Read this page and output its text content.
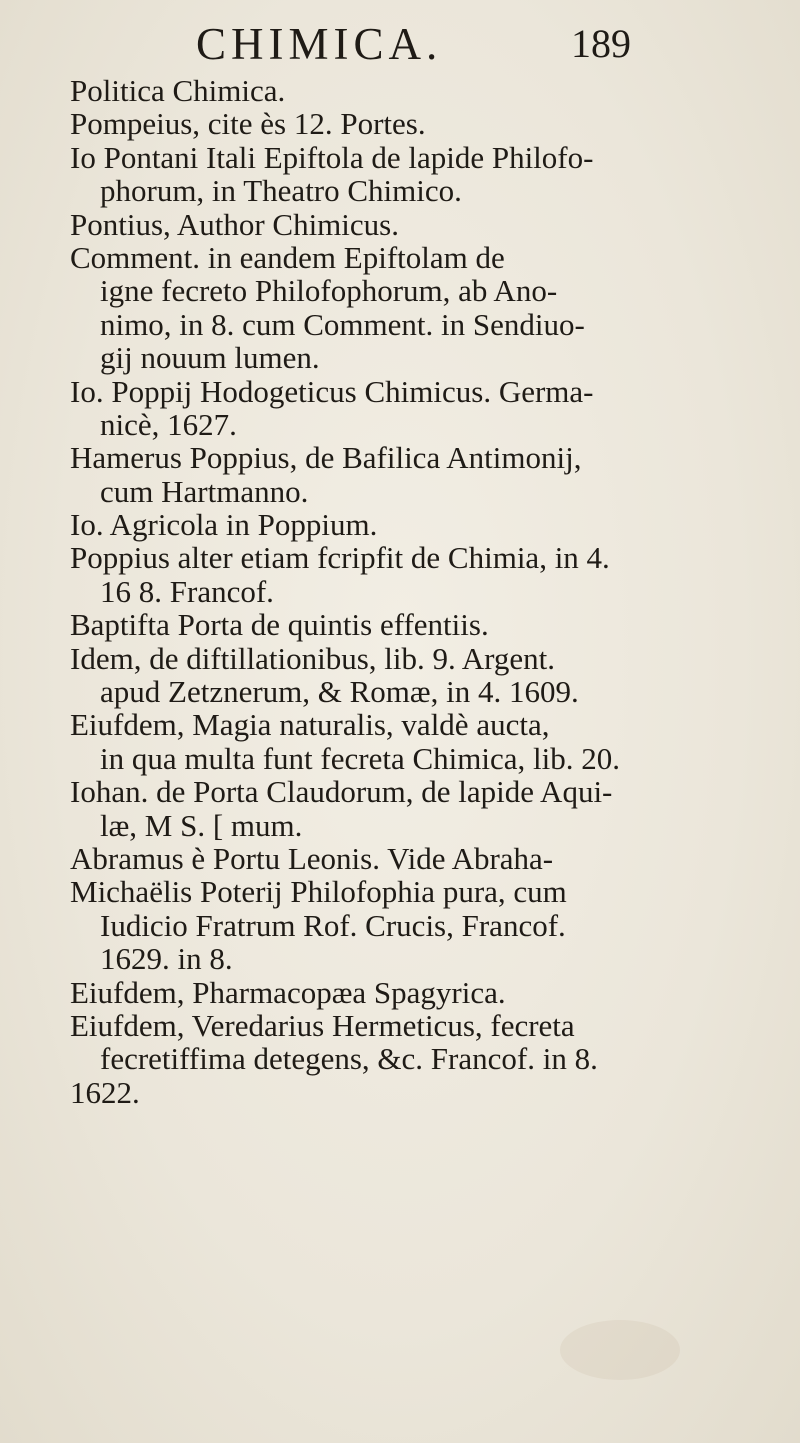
CHIMICA.	189
Politica Chimica.
Pompeius, cite ès 12. Portes.
Io Pontani Itali Epiftola de lapide Philofo-
phorum, in Theatro Chimico.
Pontius, Author Chimicus.
Comment. in eandem Epiftolam de
igne fecreto Philofophorum, ab Ano-
nimo, in 8. cum Comment. in Sendiuo-
gij nouum lumen.
Io. Poppij Hodogeticus Chimicus. Germa-
nicè, 1627.
Hamerus Poppius, de Bafilica Antimonij,
cum Hartmanno.
Io. Agricola in Poppium.
Poppius alter etiam fcripfit de Chimia, in 4.
16 8. Francof.
Baptifta Porta de quintis effentiis.
Idem, de diftillationibus, lib. 9. Argent.
apud Zetznerum, & Romæ, in 4. 1609.
Eiufdem, Magia naturalis, valdè aucta,
in qua multa funt fecreta Chimica, lib. 20.
Iohan. de Porta Claudorum, de lapide Aqui-
læ, M S. [ mum.
Abramus è Portu Leonis. Vide Abraha-
Michaëlis Poterij Philofophia pura, cum
Iudicio Fratrum Rof. Crucis, Francof.
1629. in 8.
Eiufdem, Pharmacopæa Spagyrica.
Eiufdem, Veredarius Hermeticus, fecreta
fecretiffima detegens, &c. Francof. in 8.
1622.
